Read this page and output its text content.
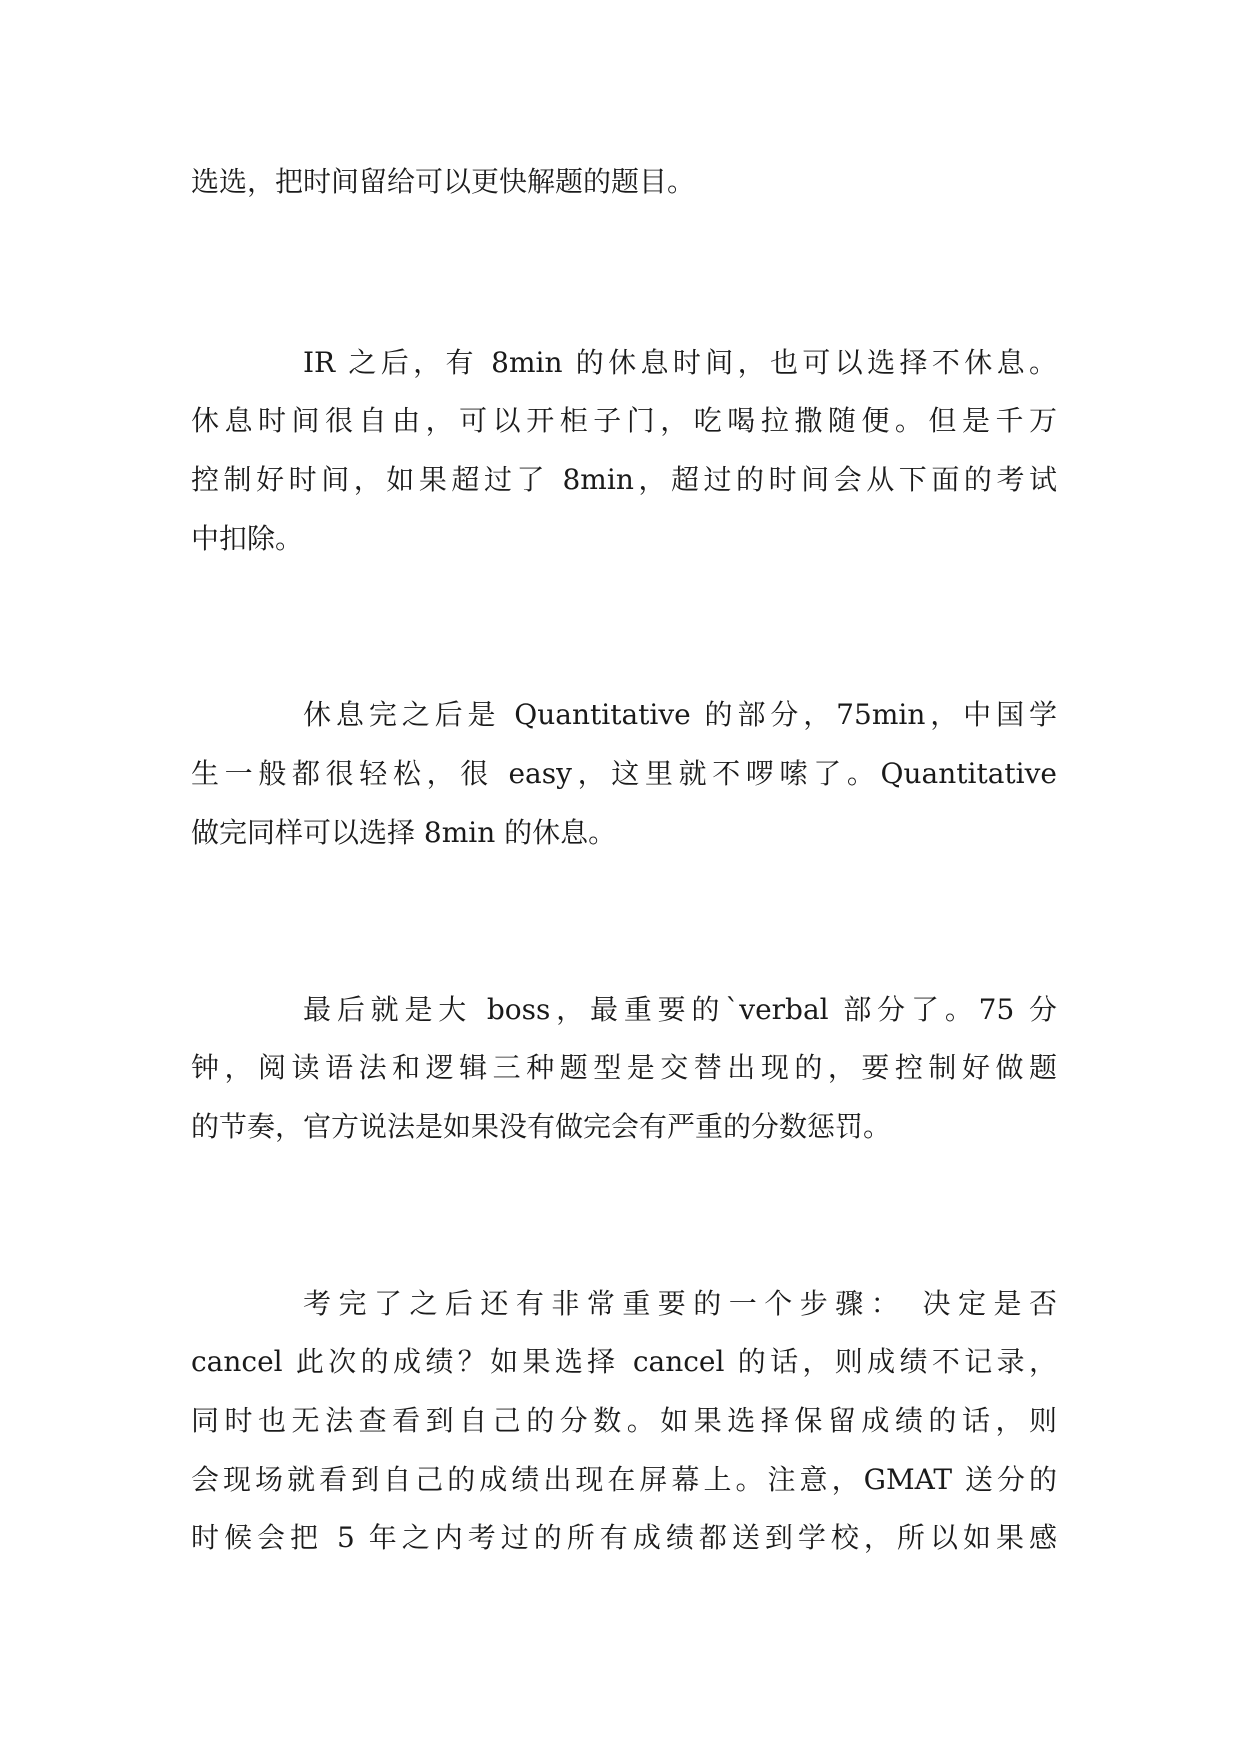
选选，把时间留给可以更快解题的题目。

IR 之后，有 8min 的休息时间，也可以选择不休息。
休息时间很自由，可以开柜子门，吃喝拉撒随便。但是千万
控制好时间，如果超过了 8min，超过的时间会从下面的考试
中扣除。

休息完之后是 Quantitative 的部分，75min，中国学
生一般都很轻松，很 easy，这里就不啰嗦了。Quantitative
做完同样可以选择 8min 的休息。

最后就是大 boss，最重要的`verbal 部分了。75 分
钟，阅读语法和逻辑三种题型是交替出现的，要控制好做题
的节奏，官方说法是如果没有做完会有严重的分数惩罚。

考完了之后还有非常重要的一个步骤： 决定是否
cancel 此次的成绩？如果选择 cancel 的话，则成绩不记录，
同时也无法查看到自己的分数。如果选择保留成绩的话，则
会现场就看到自己的成绩出现在屏幕上。注意，GMAT 送分的
时候会把 5 年之内考过的所有成绩都送到学校，所以如果感
